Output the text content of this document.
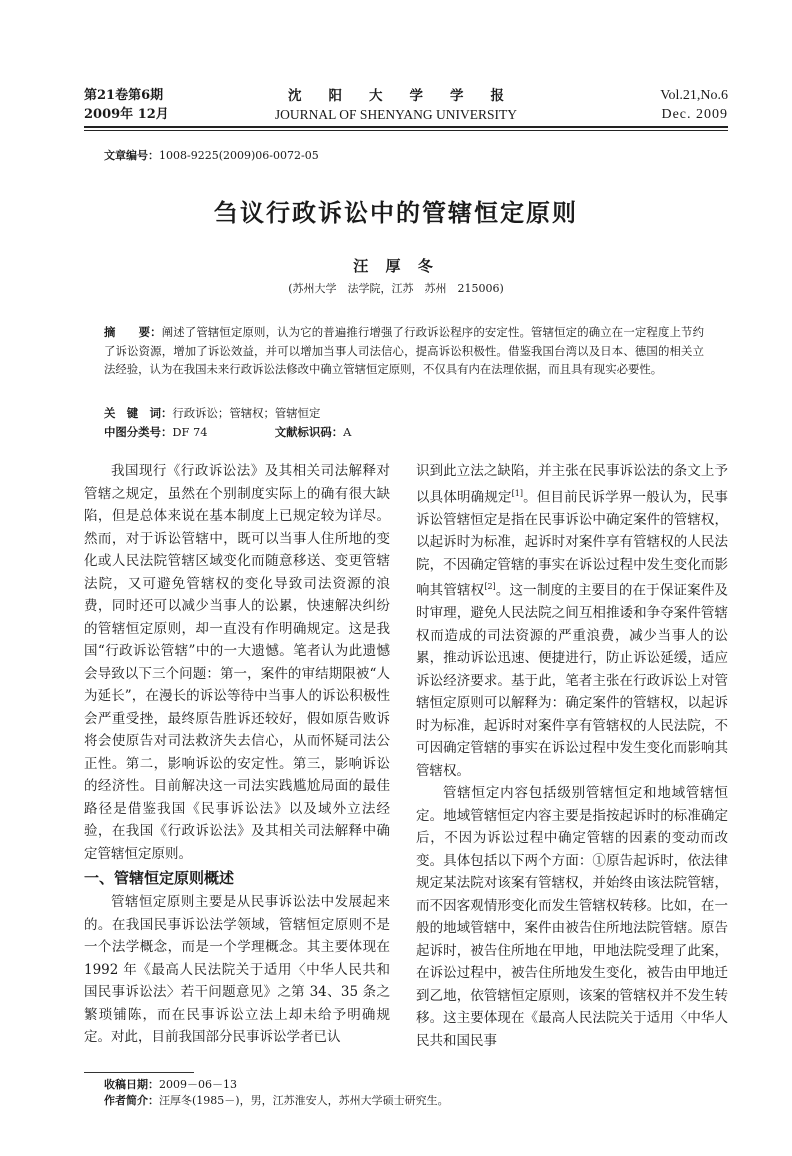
第21卷第6期
2009年 12月
沈　　阳　　大　　学　　学　　报
JOURNAL OF SHENYANG UNIVERSITY
Vol.21,No.6
Dec. 2009
文章编号：1008-9225(2009)06-0072-05
刍议行政诉讼中的管辖恒定原则
汪 厚 冬
(苏州大学　法学院，江苏　苏州　215006)
摘　　要：阐述了管辖恒定原则，认为它的普遍推行增强了行政诉讼程序的安定性。管辖恒定的确立在一定程度上节约了诉讼资源，增加了诉讼效益，并可以增加当事人司法信心，提高诉讼积极性。借鉴我国台湾以及日本、德国的相关立法经验，认为在我国未来行政诉讼法修改中确立管辖恒定原则，不仅具有内在法理依据，而且具有现实必要性。
关　键　词：行政诉讼；管辖权；管辖恒定
中图分类号：DF 74	文献标识码：A

我国现行《行政诉讼法》及其相关司法解释对管辖之规定，虽然在个别制度实际上的确有很大缺陷，但是总体来说在基本制度上已规定较为详尽。然而，对于诉讼管辖中，既可以当事人住所地的变化或人民法院管辖区域变化而随意移送、变更管辖法院，又可避免管辖权的变化导致司法资源的浪费，同时还可以减少当事人的讼累，快速解决纠纷的管辖恒定原则，却一直没有作明确规定。这是我国“行政诉讼管辖”中的一大遗憾。笔者认为此遗憾会导致以下三个问题：第一，案件的审结期限被“人为延长”，在漫长的诉讼等待中当事人的诉讼积极性会严重受挫，最终原告胜诉还较好，假如原告败诉将会使原告对司法救济失去信心，从而怀疑司法公正性。第二，影响诉讼的安定性。第三，影响诉讼的经济性。目前解决这一司法实践尴尬局面的最佳路径是借鉴我国《民事诉讼法》以及域外立法经验，在我国《行政诉讼法》及其相关司法解释中确定管辖恒定原则。

一、管辖恒定原则概述

管辖恒定原则主要是从民事诉讼法中发展起来的。在我国民事诉讼法学领域，管辖恒定原则不是一个法学概念，而是一个学理概念。其主要体现在 1992 年《最高人民法院关于适用〈中华人民共和国民事诉讼法〉若干问题意见》之第 34、35 条之繁琐铺陈，而在民事诉讼立法上却未给予明确规定。对此，目前我国部分民事诉讼学者已认

识到此立法之缺陷，并主张在民事诉讼法的条文上予以具体明确规定[1]。但目前民诉学界一般认为，民事诉讼管辖恒定是指在民事诉讼中确定案件的管辖权，以起诉时为标准，起诉时对案件享有管辖权的人民法院，不因确定管辖的事实在诉讼过程中发生变化而影响其管辖权[2]。这一制度的主要目的在于保证案件及时审理，避免人民法院之间互相推诿和争夺案件管辖权而造成的司法资源的严重浪费，减少当事人的讼累，推动诉讼迅速、便捷进行，防止诉讼延缓，适应诉讼经济要求。基于此，笔者主张在行政诉讼上对管辖恒定原则可以解释为：确定案件的管辖权，以起诉时为标准，起诉时对案件享有管辖权的人民法院，不可因确定管辖的事实在诉讼过程中发生变化而影响其管辖权。

管辖恒定内容包括级别管辖恒定和地域管辖恒定。地域管辖恒定内容主要是指按起诉时的标准确定后，不因为诉讼过程中确定管辖的因素的变动而改变。具体包括以下两个方面：①原告起诉时，依法律规定某法院对该案有管辖权，并始终由该法院管辖，而不因客观情形变化而发生管辖权转移。比如，在一般的地域管辖中，案件由被告住所地法院管辖。原告起诉时，被告住所地在甲地，甲地法院受理了此案，在诉讼过程中，被告住所地发生变化，被告由甲地迁到乙地，依管辖恒定原则，该案的管辖权并不发生转移。这主要体现在《最高人民法院关于适用〈中华人民共和国民事

收稿日期：2009－06－13
作者简介：汪厚冬(1985－)，男，江苏淮安人，苏州大学硕士研究生。
